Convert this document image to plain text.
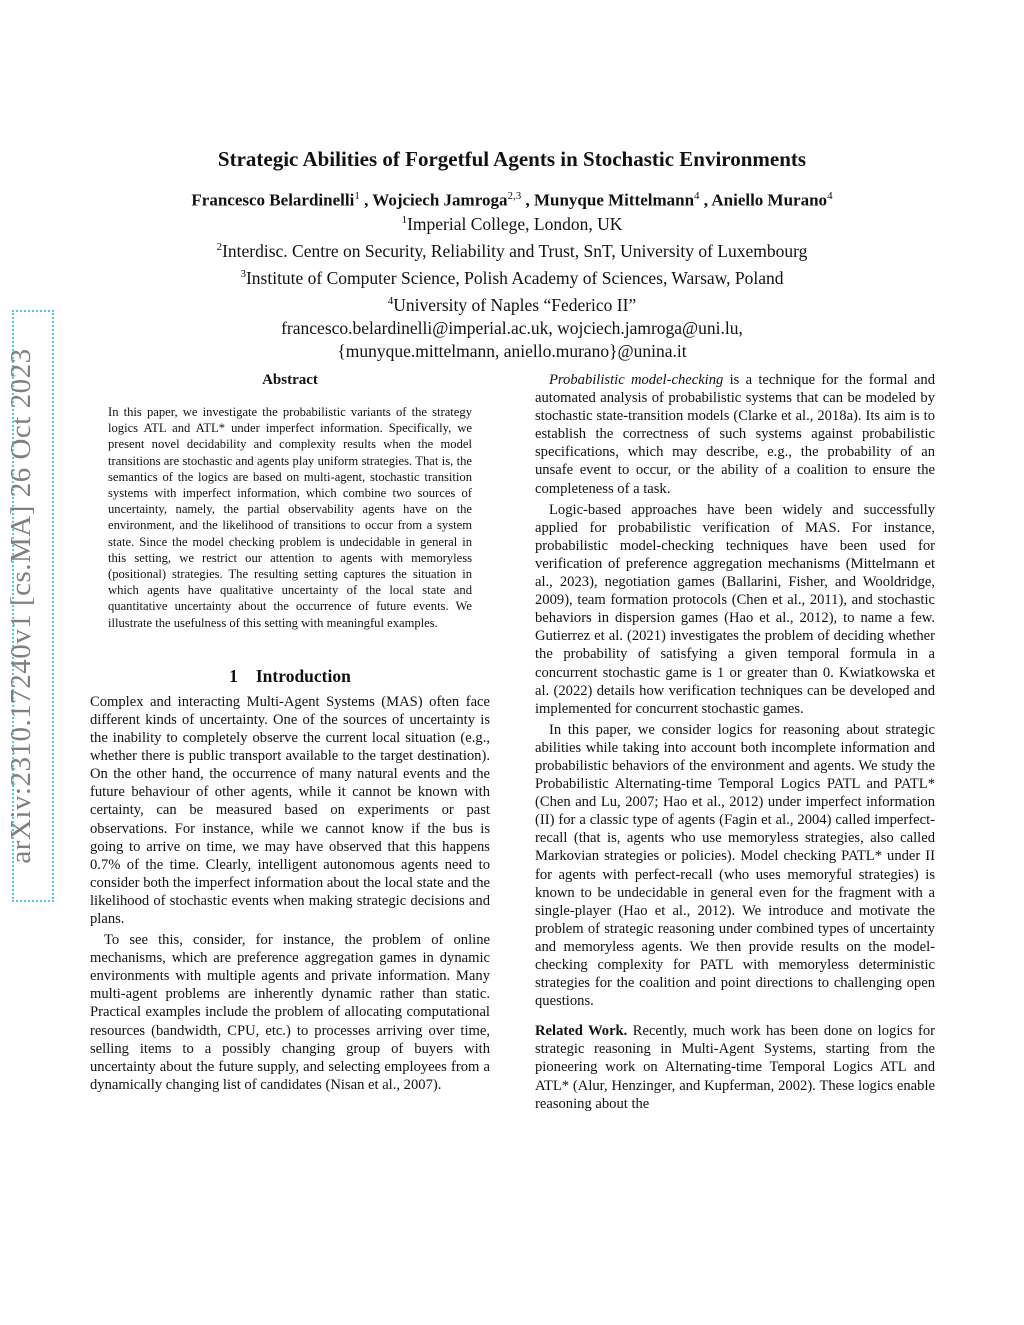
Strategic Abilities of Forgetful Agents in Stochastic Environments
Francesco Belardinelli$^1$ , Wojciech Jamroga$^{2,3}$ , Munyque Mittelmann$^4$ , Aniello Murano$^4$
$^1$Imperial College, London, UK
$^2$Interdisc. Centre on Security, Reliability and Trust, SnT, University of Luxembourg
$^3$Institute of Computer Science, Polish Academy of Sciences, Warsaw, Poland
$^4$University of Naples “Federico II”
francesco.belardinelli@imperial.ac.uk, wojciech.jamroga@uni.lu,
{munyque.mittelmann, aniello.murano}@unina.it
arXiv:2310.17240v1 [cs.MA] 26 Oct 2023	Abstract

In this paper, we investigate the probabilistic variants of the strategy logics ATL and ATL* under imperfect information. Specifically, we present novel decidability and complexity results when the model transitions are stochastic and agents play uniform strategies. That is, the semantics of the logics are based on multi-agent, stochastic transition systems with imperfect information, which combine two sources of uncertainty, namely, the partial observability agents have on the environment, and the likelihood of transitions to occur from a system state. Since the model checking problem is undecidable in general in this setting, we restrict our attention to agents with memoryless (positional) strategies. The resulting setting captures the situation in which agents have qualitative uncertainty of the local state and quantitative uncertainty about the occurrence of future events. We illustrate the usefulness of this setting with meaningful examples.

1 Introduction

Complex and interacting Multi-Agent Systems (MAS) often face different kinds of uncertainty. One of the sources of uncertainty is the inability to completely observe the current local situation (e.g., whether there is public transport available to the target destination). On the other hand, the occurrence of many natural events and the future behaviour of other agents, while it cannot be known with certainty, can be measured based on experiments or past observations. For instance, while we cannot know if the bus is going to arrive on time, we may have observed that this happens 0.7% of the time. Clearly, intelligent autonomous agents need to consider both the imperfect information about the local state and the likelihood of stochastic events when making strategic decisions and plans.

To see this, consider, for instance, the problem of online mechanisms, which are preference aggregation games in dynamic environments with multiple agents and private information. Many multi-agent problems are inherently dynamic rather than static. Practical examples include the problem of allocating computational resources (bandwidth, CPU, etc.) to processes arriving over time, selling items to a possibly changing group of buyers with uncertainty about the future supply, and selecting employees from a dynamically changing list of candidates (Nisan et al., 2007).

Probabilistic model-checking is a technique for the formal and automated analysis of probabilistic systems that can be modeled by stochastic state-transition models (Clarke et al., 2018a). Its aim is to establish the correctness of such systems against probabilistic specifications, which may describe, e.g., the probability of an unsafe event to occur, or the ability of a coalition to ensure the completeness of a task.

Logic-based approaches have been widely and successfully applied for probabilistic verification of MAS. For instance, probabilistic model-checking techniques have been used for verification of preference aggregation mechanisms (Mittelmann et al., 2023), negotiation games (Ballarini, Fisher, and Wooldridge, 2009), team formation protocols (Chen et al., 2011), and stochastic behaviors in dispersion games (Hao et al., 2012), to name a few. Gutierrez et al. (2021) investigates the problem of deciding whether the probability of satisfying a given temporal formula in a concurrent stochastic game is 1 or greater than 0. Kwiatkowska et al. (2022) details how verification techniques can be developed and implemented for concurrent stochastic games.

In this paper, we consider logics for reasoning about strategic abilities while taking into account both incomplete information and probabilistic behaviors of the environment and agents. We study the Probabilistic Alternating-time Temporal Logics PATL and PATL* (Chen and Lu, 2007; Hao et al., 2012) under imperfect information (II) for a classic type of agents (Fagin et al., 2004) called imperfect-recall (that is, agents who use memoryless strategies, also called Markovian strategies or policies). Model checking PATL* under II for agents with perfect-recall (who uses memoryful strategies) is known to be undecidable in general even for the fragment with a single-player (Hao et al., 2012). We introduce and motivate the problem of strategic reasoning under combined types of uncertainty and memoryless agents. We then provide results on the model-checking complexity for PATL with memoryless deterministic strategies for the coalition and point directions to challenging open questions.

Related Work. Recently, much work has been done on logics for strategic reasoning in Multi-Agent Systems, starting from the pioneering work on Alternating-time Temporal Logics ATL and ATL* (Alur, Henzinger, and Kupferman, 2002). These logics enable reasoning about the
